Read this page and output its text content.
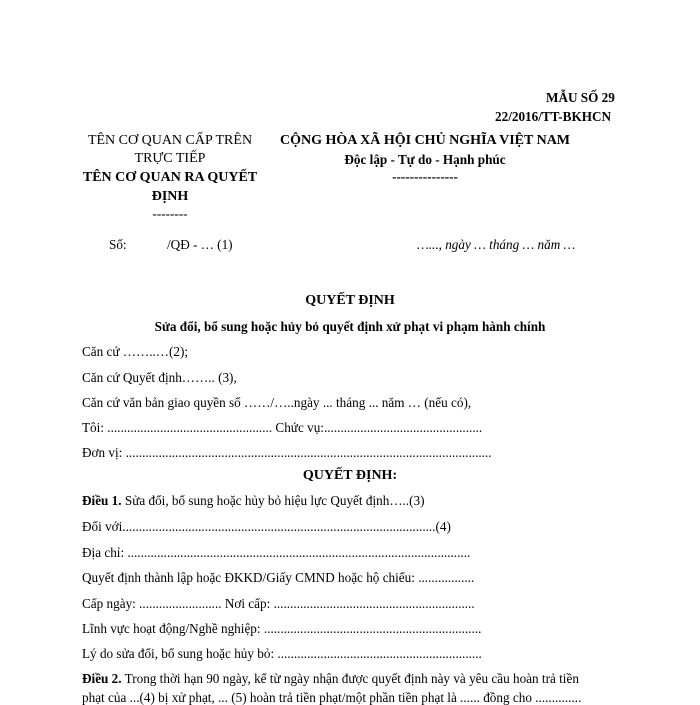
MẪU SỐ 29
22/2016/TT-BKHCN
TÊN CƠ QUAN CẤP TRÊN
TRỰC TIẾP
TÊN CƠ QUAN RA QUYẾT
ĐỊNH
--------
CỘNG HÒA XÃ HỘI CHỦ NGHĨA VIỆT NAM
Độc lập - Tự do - Hạnh phúc
---------------
Số:	/QĐ - … (1)	…..., ngày … tháng … năm …
QUYẾT ĐỊNH
Sửa đổi, bổ sung hoặc hủy bỏ quyết định xử phạt vi phạm hành chính
Căn cứ ……..…(2);
Căn cứ Quyết định…….. (3),
Căn cứ văn bản giao quyền số ……/…..ngày ... tháng ... năm … (nếu có),
Tôi: .................................................. Chức vụ:................................................
Đơn vị: ...............................................................................................................
QUYẾT ĐỊNH:
Điều 1. Sửa đổi, bổ sung hoặc hủy bỏ hiệu lực Quyết định…..(3)
Đối với...............................................................................................(4)
Địa chỉ: ........................................................................................................
Quyết định thành lập hoặc ĐKKD/Giấy CMND hoặc hộ chiếu: .................
Cấp ngày: ......................... Nơi cấp: .............................................................
Lĩnh vực hoạt động/Nghề nghiệp: ..................................................................
Lý do sửa đổi, bổ sung hoặc hủy bỏ: ..............................................................
Điều 2. Trong thời hạn 90 ngày, kể từ ngày nhận được quyết định này và yêu cầu hoàn trả tiền
phạt của ...(4) bị xử phạt, ... (5) hoàn trả tiền phạt/một phần tiền phạt là ...... đồng cho ..............
